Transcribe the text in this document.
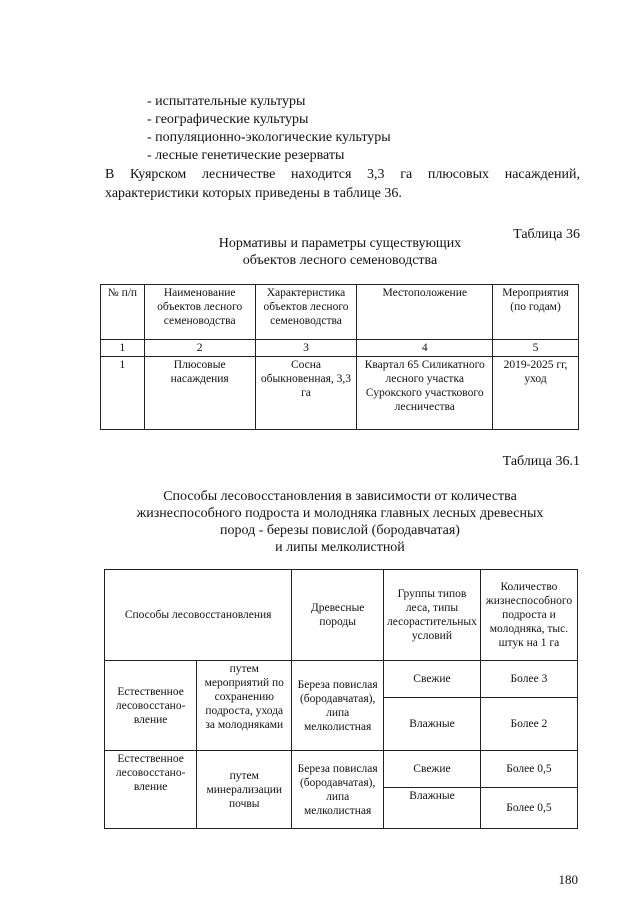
- испытательные культуры
- географические культуры
- популяционно-экологические культуры
- лесные генетические резерваты
В Куярском лесничестве находится 3,3 га плюсовых насаждений, характеристики которых приведены в таблице 36.
Таблица 36
Нормативы и параметры существующих
объектов лесного семеноводства
№ п/п	Наименование объектов лесного семеноводства	Характеристика объектов лесного семеноводства	Местоположение	Мероприятия (по годам)
1	2	3	4	5
1	Плюсовые насаждения	Сосна обыкновенная, 3,3 га	Квартал 65 Силикатного лесного участка Сурокского участкового лесничества	2019-2025 гг, уход
Таблица 36.1
Способы лесовосстановления в зависимости от количества
жизнеспособного подроста и молодняка главных лесных древесных
пород - березы повислой (бородавчатая)
и липы мелколистной
Способы лесовосстановления		Древесные породы	Группы типов леса, типы лесорастительных условий	Количество жизнеспособного подроста и молодняка, тыс. штук на 1 га
Естественное лесовосстано-вление	путем мероприятий по сохранению подроста, ухода за молодняками	Береза повислая (бородавчатая), липа мелколистная	Свежие	Более 3
			Влажные	Более 2
Естественное лесовосстано-вление	путем минерализации почвы	Береза повислая (бородавчатая), липа мелколистная	Свежие	Более 0,5
			Влажные	Более 0,5
180
